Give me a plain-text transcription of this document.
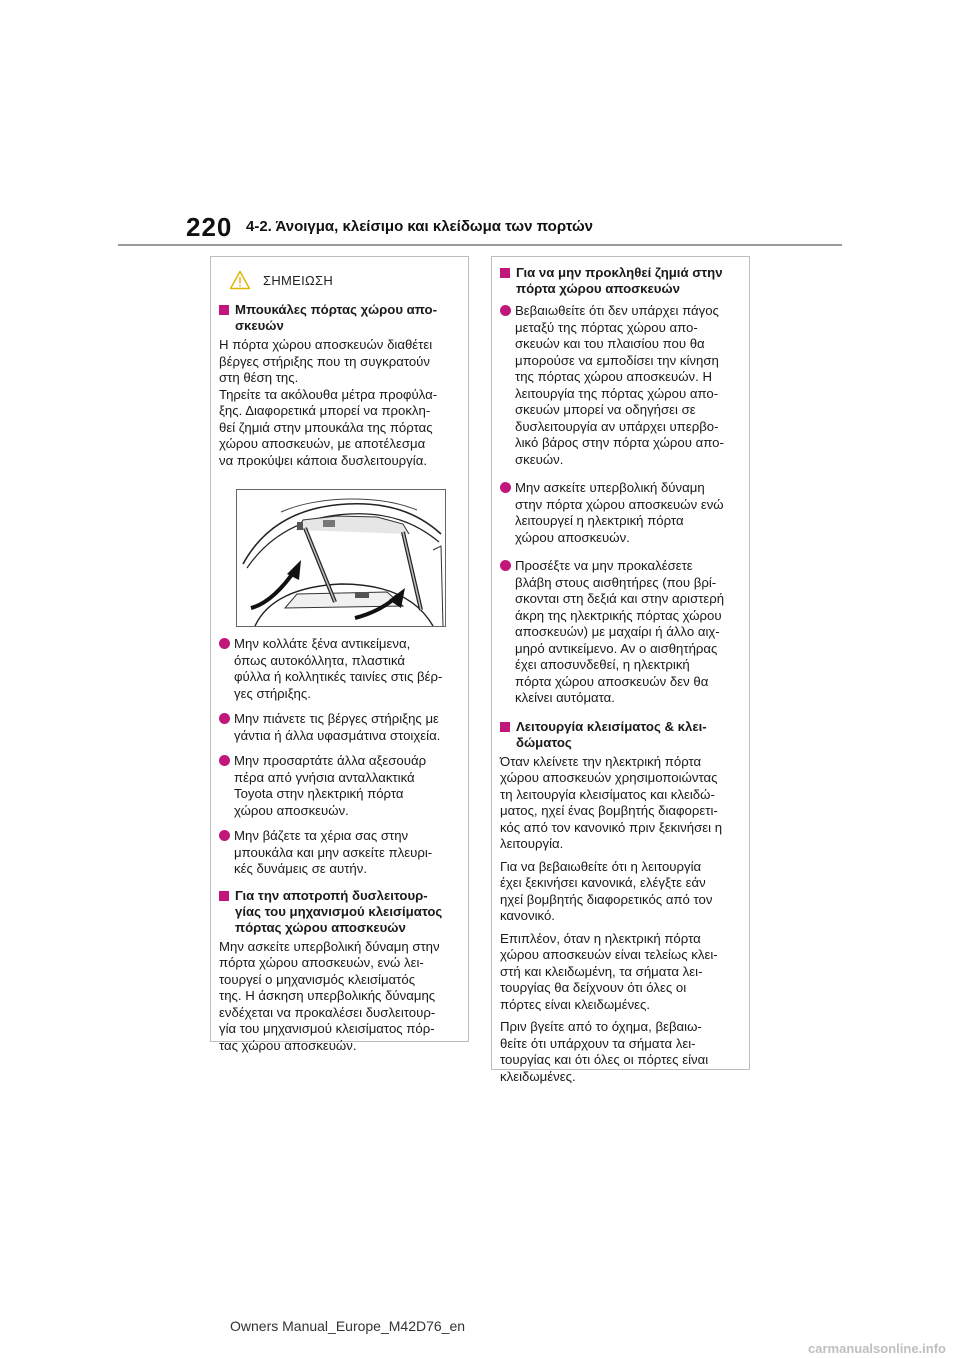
220 4-2. Άνοιγμα, κλείσιμο και κλείδωμα των πορτών
ΣΗΜΕΙΩΣΗ
Μπουκάλες πόρτας χώρου απο-
σκευών
Η πόρτα χώρου αποσκευών διαθέτει
βέργες στήριξης που τη συγκρατούν
στη θέση της.
Τηρείτε τα ακόλουθα μέτρα προφύλα-
ξης. Διαφορετικά μπορεί να προκλη-
θεί ζημιά στην μπουκάλα της πόρτας
χώρου αποσκευών, με αποτέλεσμα
να προκύψει κάποια δυσλειτουργία.
Μην κολλάτε ξένα αντικείμενα,
όπως αυτοκόλλητα, πλαστικά
φύλλα ή κολλητικές ταινίες στις βέρ-
γες στήριξης.
Μην πιάνετε τις βέργες στήριξης με
γάντια ή άλλα υφασμάτινα στοιχεία.
Μην προσαρτάτε άλλα αξεσουάρ
πέρα από γνήσια ανταλλακτικά
Toyota στην ηλεκτρική πόρτα
χώρου αποσκευών.
Μην βάζετε τα χέρια σας στην
μπουκάλα και μην ασκείτε πλευρι-
κές δυνάμεις σε αυτήν.
Για την αποτροπή δυσλειτουρ-
γίας του μηχανισμού κλεισίματος
πόρτας χώρου αποσκευών
Μην ασκείτε υπερβολική δύναμη στην
πόρτα χώρου αποσκευών, ενώ λει-
τουργεί ο μηχανισμός κλεισίματός
της. Η άσκηση υπερβολικής δύναμης
ενδέχεται να προκαλέσει δυσλειτουρ-
γία του μηχανισμού κλεισίματος πόρ-
τας χώρου αποσκευών.
Για να μην προκληθεί ζημιά στην
πόρτα χώρου αποσκευών
Βεβαιωθείτε ότι δεν υπάρχει πάγος
μεταξύ της πόρτας χώρου απο-
σκευών και του πλαισίου που θα
μπορούσε να εμποδίσει την κίνηση
της πόρτας χώρου αποσκευών. Η
λειτουργία της πόρτας χώρου απο-
σκευών μπορεί να οδηγήσει σε
δυσλειτουργία αν υπάρχει υπερβο-
λικό βάρος στην πόρτα χώρου απο-
σκευών.
Μην ασκείτε υπερβολική δύναμη
στην πόρτα χώρου αποσκευών ενώ
λειτουργεί η ηλεκτρική πόρτα
χώρου αποσκευών.
Προσέξτε να μην προκαλέσετε
βλάβη στους αισθητήρες (που βρί-
σκονται στη δεξιά και στην αριστερή
άκρη της ηλεκτρικής πόρτας χώρου
αποσκευών) με μαχαίρι ή άλλο αιχ-
μηρό αντικείμενο. Αν ο αισθητήρας
έχει αποσυνδεθεί, η ηλεκτρική
πόρτα χώρου αποσκευών δεν θα
κλείνει αυτόματα.
Λειτουργία κλεισίματος & κλει-
δώματος
Όταν κλείνετε την ηλεκτρική πόρτα
χώρου αποσκευών χρησιμοποιώντας
τη λειτουργία κλεισίματος και κλειδώ-
ματος, ηχεί ένας βομβητής διαφορετι-
κός από τον κανονικό πριν ξεκινήσει η
λειτουργία.
Για να βεβαιωθείτε ότι η λειτουργία
έχει ξεκινήσει κανονικά, ελέγξτε εάν
ηχεί βομβητής διαφορετικός από τον
κανονικό.
Επιπλέον, όταν η ηλεκτρική πόρτα
χώρου αποσκευών είναι τελείως κλει-
στή και κλειδωμένη, τα σήματα λει-
τουργίας θα δείχνουν ότι όλες οι
πόρτες είναι κλειδωμένες.
Πριν βγείτε από το όχημα, βεβαιω-
θείτε ότι υπάρχουν τα σήματα λει-
τουργίας και ότι όλες οι πόρτες είναι
κλειδωμένες.
Owners Manual_Europe_M42D76_en
carmanualsonline.info
